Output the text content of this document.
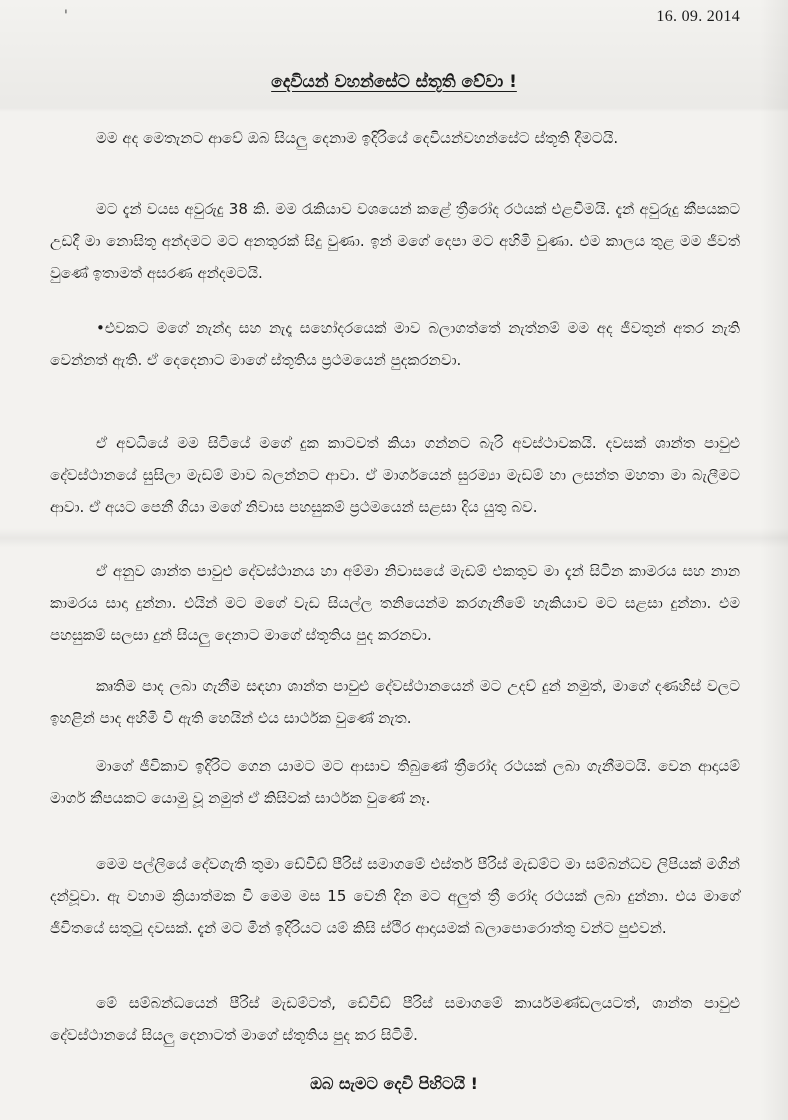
'	16. 09. 2014
දෙවියන් වහන්සේට ස්තූති වේවා !

මම අද මෙතැනට ආවේ ඔබ සියලු දෙනාම ඉදිරියේ දෙවියන්වහන්සේට ස්තූති දීමටයි.

මට දැන් වයස අවුරුදු 38 කි. මම රැකියාව වශයෙන් කළේ ත්‍රීරෝද රථයක් එළවීමයි. දැන් අවුරුදු කීපයකට උඩදී මා නොසිතූ අන්දමට මට අනතුරක් සිදු වුණා. ඉන් මගේ දෙපා මට අහිමි වුණා. එම කාලය තුළ මම ජීවත් වුණේ ඉතාමත් අසරණ අන්දමටයි.

•එවකට මගේ නැන්දා සහ නැදෑ සහෝදරයෙක් මාව බලාගත්තේ නැත්නම් මම අද ජීවතුන් අතර නැති වෙන්නත් ඇති. ඒ දෙදෙනාට මාගේ ස්තූතිය ප්‍රථමයෙන් පුදකරනවා.

ඒ අවධියේ මම සිටියේ මගේ දුක කාටවත් කියා ගන්නට බැරි අවස්ථාවකයි. දවසක් ශාන්ත පාවුළු දේවස්ථානයේ සුසිලා මැඩම් මාව බලන්නට ආවා. ඒ මාර්ගයෙන් සුරම්‍යා මැඩම් හා ලසන්ත මහතා මා බැලීමට ආවා. ඒ අයට පෙනී ගියා මගේ නිවාස පහසුකම් ප්‍රථමයෙන් සළසා දිය යුතු බව.

ඒ අනුව ශාන්ත පාවුළු දේවස්ථානය හා අම්මා නිවාසයේ මැඩම් එකතුව මා දැන් සිටින කාමරය සහ නාන කාමරය සාදා දුන්නා. එයින් මට මගේ වැඩ සියල්ල තනියෙන්ම කරගැනීමේ හැකියාව මට සළසා දුන්නා. එම පහසුකම් සලසා දුන් සියලු දෙනාට මාගේ ස්තූතිය පුද කරනවා.

කෘතිම පාද ලබා ගැනීම සඳහා ශාන්ත පාවුළු දේවස්ථානයෙන් මට උදව් දුන් නමුත්, මාගේ දණහිස් වලට ඉහළින් පාද අහිමි වී ඇති හෙයින් එය සාර්ථක වුණේ නැත.

මාගේ ජීවිකාව ඉදිරිට ගෙන යාමට මට ආසාව තිබුණේ ත්‍රීරෝද රථයක් ලබා ගැනීමටයි. වෙන ආදායම් මාර්ග කීපයකට යොමු වූ නමුත් ඒ කිසිවක් සාර්ථක වුණේ නෑ.

මෙම පල්ලියේ දේවගැති තුමා ඩේවිඩ් පීරිස් සමාගමේ එස්තර් පීරිස් මැඩම්ට මා සම්බන්ධව ලිපියක් මගින් දන්වූවා. ඇ වහාම ක්‍රියාත්මක වී මෙම මස 15 වෙනි දින මට අලුත් ත්‍රී රෝද රථයක් ලබා දුන්නා. එය මාගේ ජීවිතයේ සතුටු දවසක්. දැන් මට මින් ඉදිරියට යම් කිසි ස්ථිර ආදායමක් බලාපොරොත්තු වන්ට පුළුවන්.

මේ සම්බන්ධයෙන් පීරිස් මැඩම්ටත්, ඩේවිඩ් පීරිස් සමාගමේ කාර්යමණ්ඩලයටත්, ශාන්ත පාවුළු දේවස්ථානයේ සියලු දෙනාටත් මාගේ ස්තූතිය පුද කර සිටිමි.

ඔබ සැමට දෙවි පිහිටයි !
